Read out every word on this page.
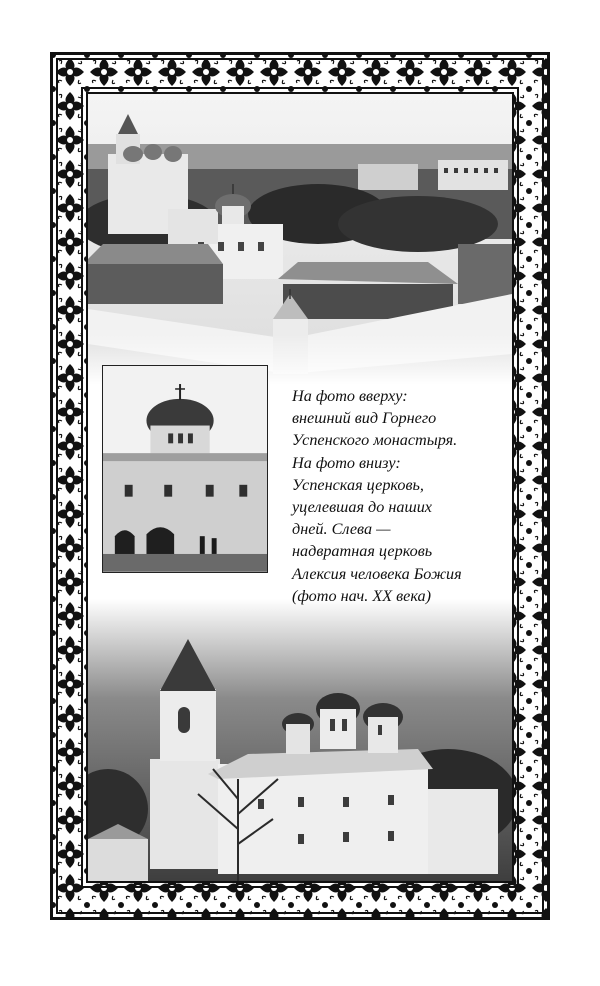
На фото вверху:
внешний вид Горнего
Успенского монастыря.
На фото внизу:
Успенская церковь,
уцелевшая до наших
дней. Слева —
надвратная церковь
Алексия человека Божия
(фото нач. XX века)
